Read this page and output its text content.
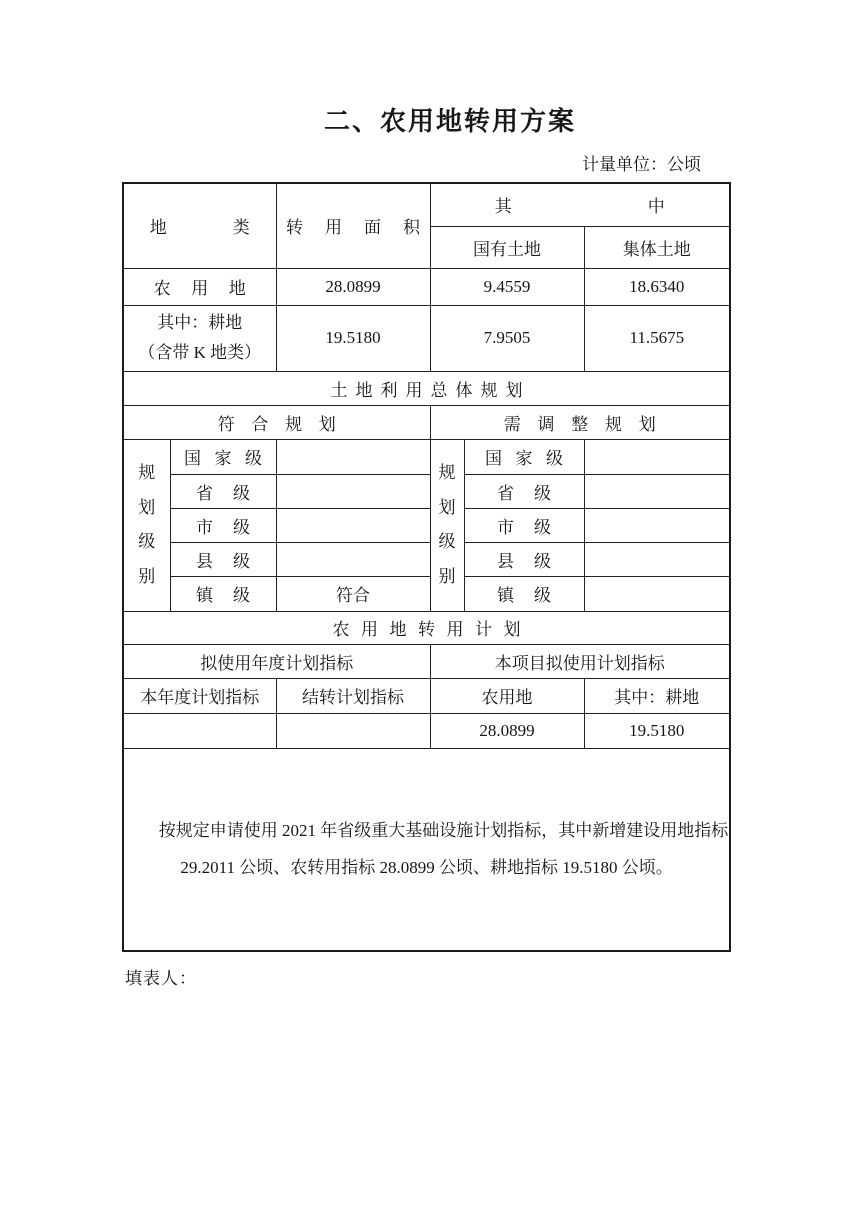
二、农用地转用方案
计量单位：公顷
地类		转用面积	其中		
			国有土地		集体土地
农用地		28.0899	9.4559		18.6340

其中：耕地
（含带 K 地类）		19.5180	7.9505		11.5675
土地利用总体规划					
符合规划			需调整规划		

规划级别	国家级		规划级别	国家级	
	省级			省级	
	市级			市级	
	县级			县级	
	镇级	符合		镇级	
农用地转用计划					
拟使用年度计划指标			本项目拟使用计划指标		
本年度计划指标		结转计划指标	农用地		其中：耕地
			28.0899		19.5180
按规定申请使用 2021 年省级重大基础设施计划指标，其中新增建设用地指标 29.2011 公顷、农转用指标 28.0899 公顷、耕地指标 19.5180 公顷。					
填表人：
